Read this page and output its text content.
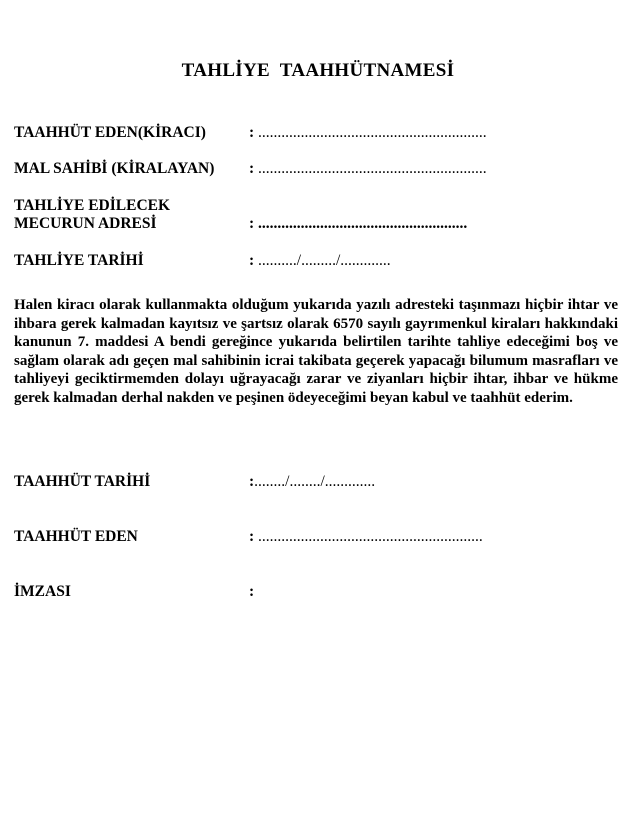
TAHLİYE  TAAHHÜTNAMESİ
TAAHHÜT EDEN(KİRACI)	: ...........................................................
MAL SAHİBİ (KİRALAYAN) : ...........................................................
TAHLİYE EDİLECEK
MECURUN ADRESİ	: ......................................................
TAHLİYE TARİHİ	: ........../........./.............
Halen kiracı olarak kullanmakta olduğum yukarıda yazılı adresteki taşınmazı hiçbir ihtar ve ihbara gerek kalmadan kayıtsız ve şartsız olarak 6570 sayılı gayrımenkul kiraları hakkındaki kanunun 7. maddesi A bendi gereğince yukarıda belirtilen tarihte tahliye edeceğimi boş ve sağlam olarak adı geçen mal sahibinin icrai takibata geçerek yapacağı bilumum masrafları ve tahliyeyi geciktirmemden dolayı uğrayacağı zarar ve ziyanları hiçbir ihtar, ihbar ve hükme gerek kalmadan derhal nakden ve peşinen ödeyeceğimi beyan kabul ve taahhüt ederim.
TAAHHÜT TARİHİ	:......../......../.............
TAAHHÜT EDEN	: ..........................................................
İMZASI	:
